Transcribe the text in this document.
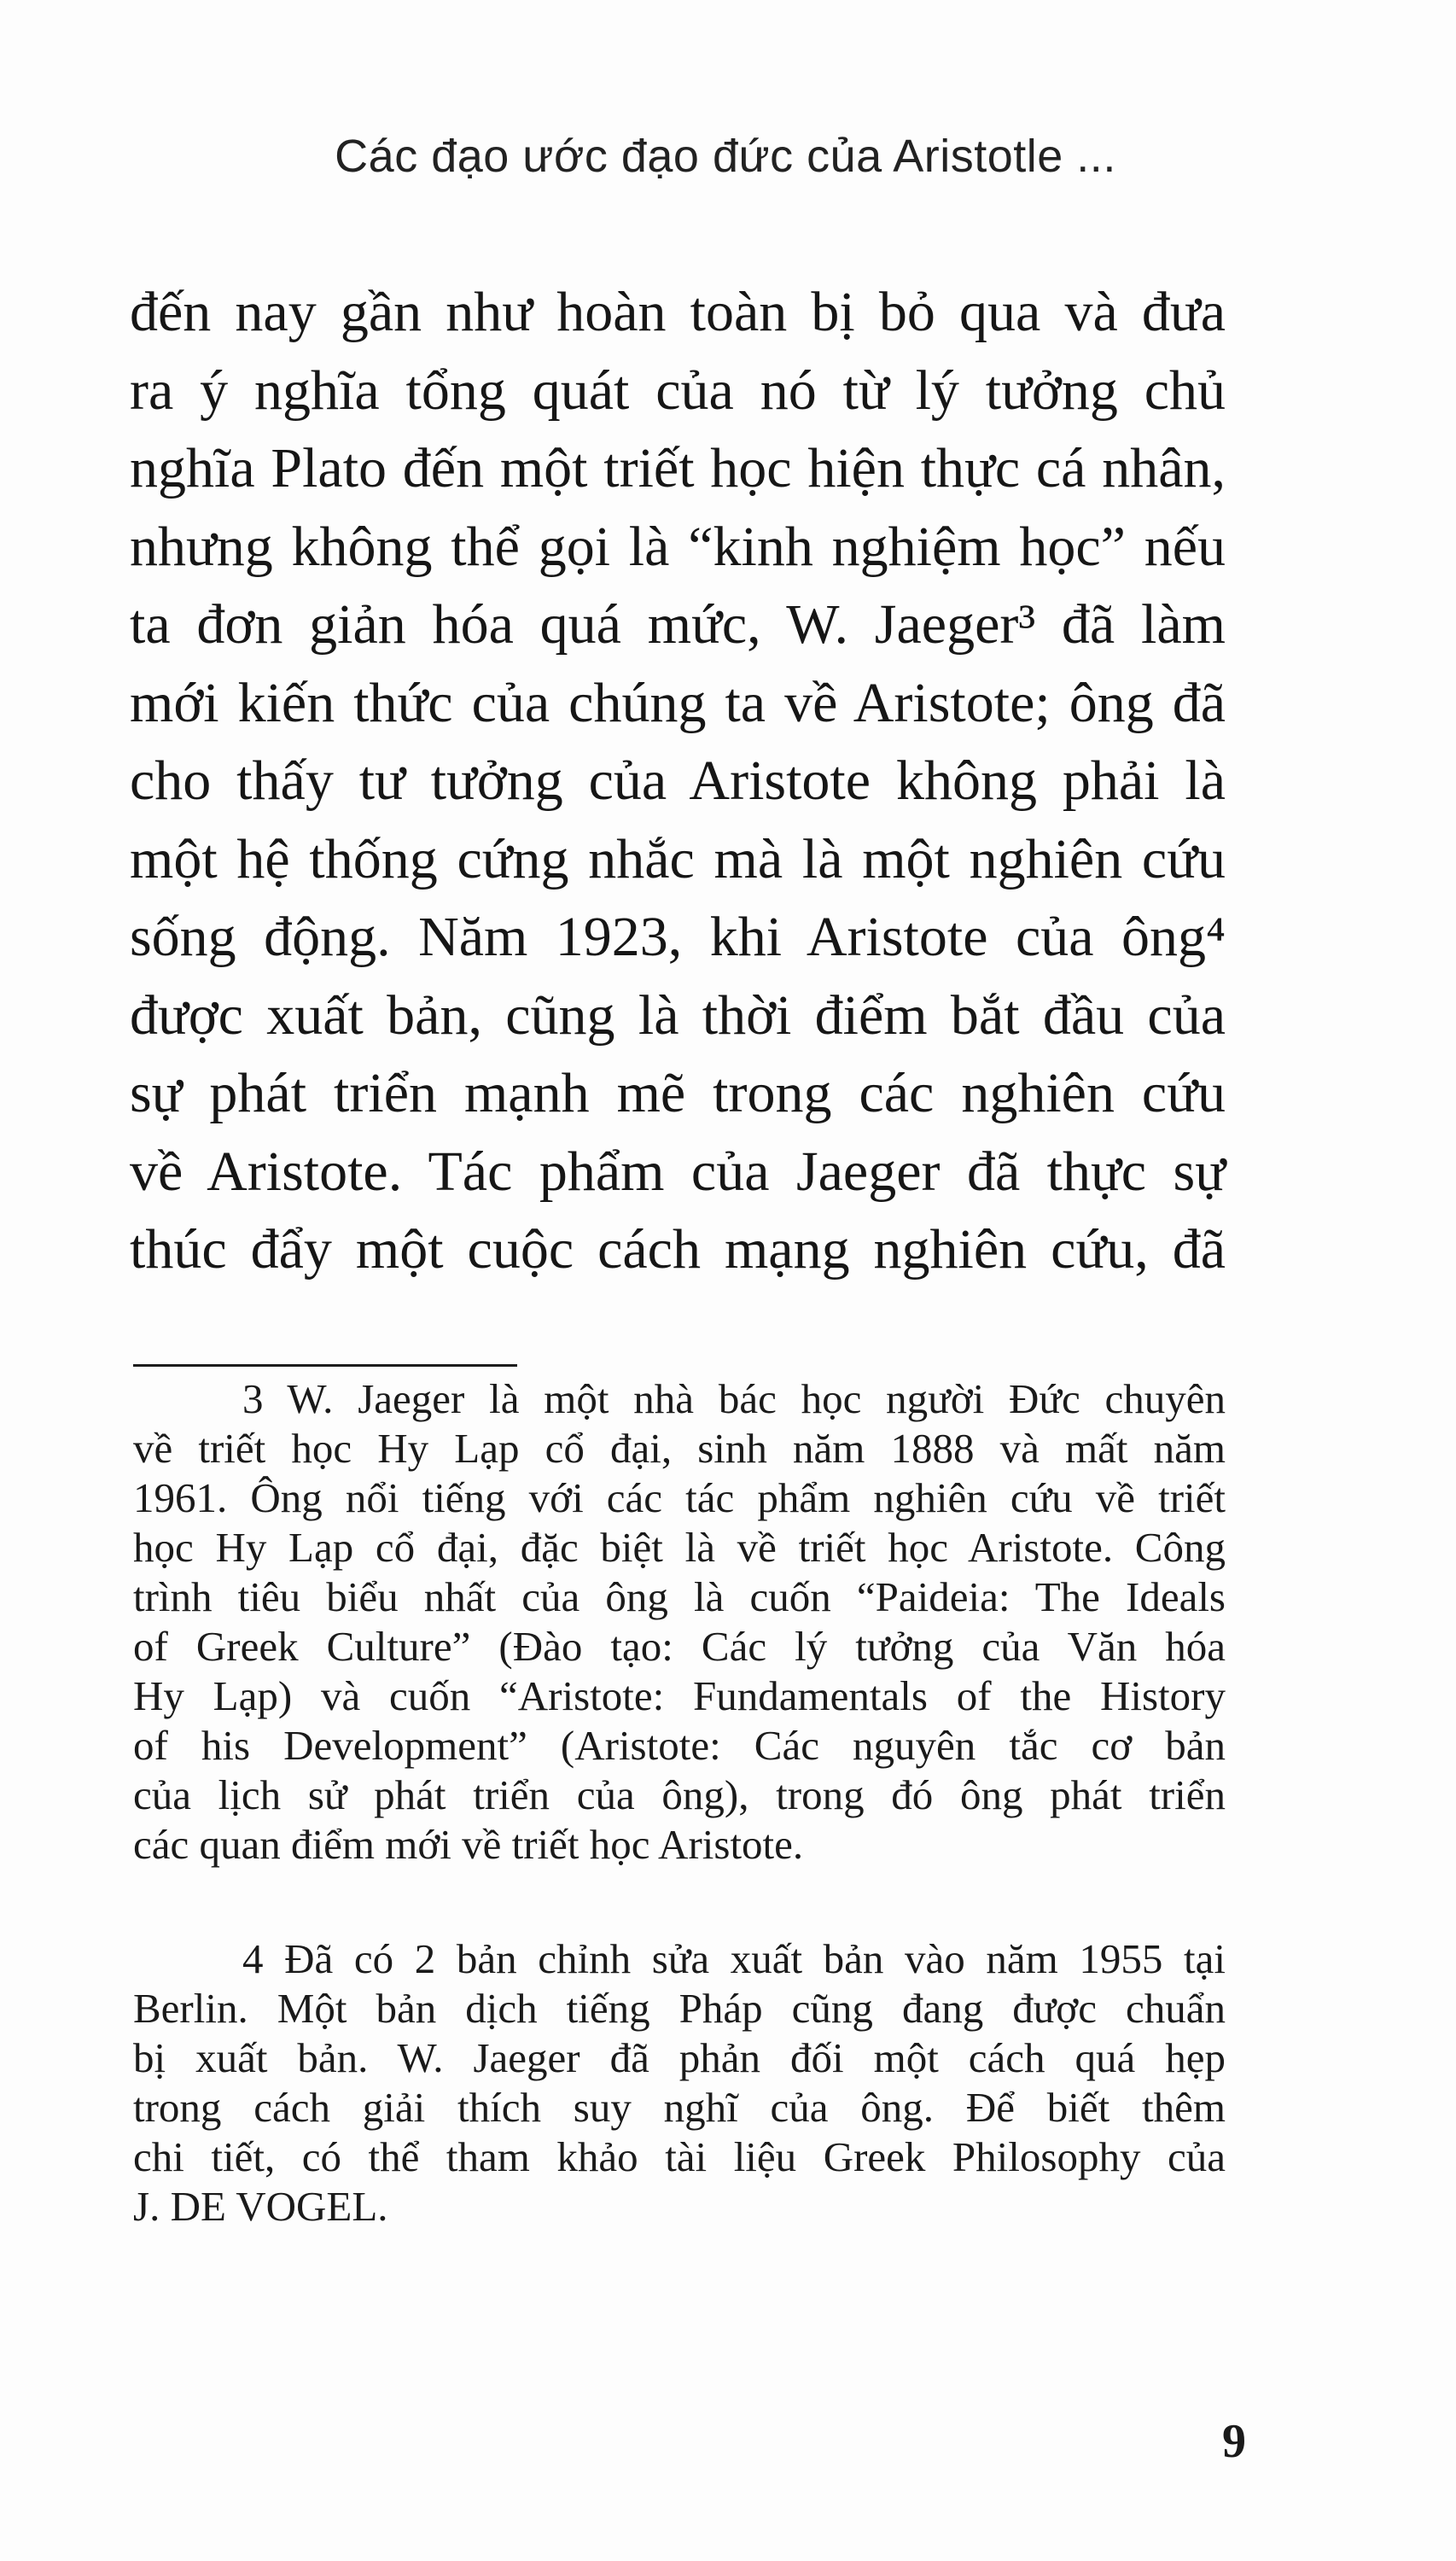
Các đạo ước đạo đức của Aristotle ...
đến nay gần như hoàn toàn bị bỏ qua và đưa
ra ý nghĩa tổng quát của nó từ lý tưởng chủ
nghĩa Plato đến một triết học hiện thực cá nhân,
nhưng không thể gọi là “kinh nghiệm học” nếu
ta đơn giản hóa quá mức, W. Jaeger³ đã làm
mới kiến thức của chúng ta về Aristote; ông đã
cho thấy tư tưởng của Aristote không phải là
một hệ thống cứng nhắc mà là một nghiên cứu
sống động. Năm 1923, khi Aristote của ông⁴
được xuất bản, cũng là thời điểm bắt đầu của
sự phát triển mạnh mẽ trong các nghiên cứu
về Aristote. Tác phẩm của Jaeger đã thực sự
thúc đẩy một cuộc cách mạng nghiên cứu, đã
3 W. Jaeger là một nhà bác học người Đức chuyên
về triết học Hy Lạp cổ đại, sinh năm 1888 và mất năm
1961. Ông nổi tiếng với các tác phẩm nghiên cứu về triết
học Hy Lạp cổ đại, đặc biệt là về triết học Aristote. Công
trình tiêu biểu nhất của ông là cuốn “Paideia: The Ideals
of Greek Culture” (Đào tạo: Các lý tưởng của Văn hóa
Hy Lạp) và cuốn “Aristote: Fundamentals of the History
of his Development” (Aristote: Các nguyên tắc cơ bản
của lịch sử phát triển của ông), trong đó ông phát triển
các quan điểm mới về triết học Aristote.
4 Đã có 2 bản chỉnh sửa xuất bản vào năm 1955 tại
Berlin. Một bản dịch tiếng Pháp cũng đang được chuẩn
bị xuất bản. W. Jaeger đã phản đối một cách quá hẹp
trong cách giải thích suy nghĩ của ông. Để biết thêm
chi tiết, có thể tham khảo tài liệu Greek Philosophy của
J. DE VOGEL.
9
